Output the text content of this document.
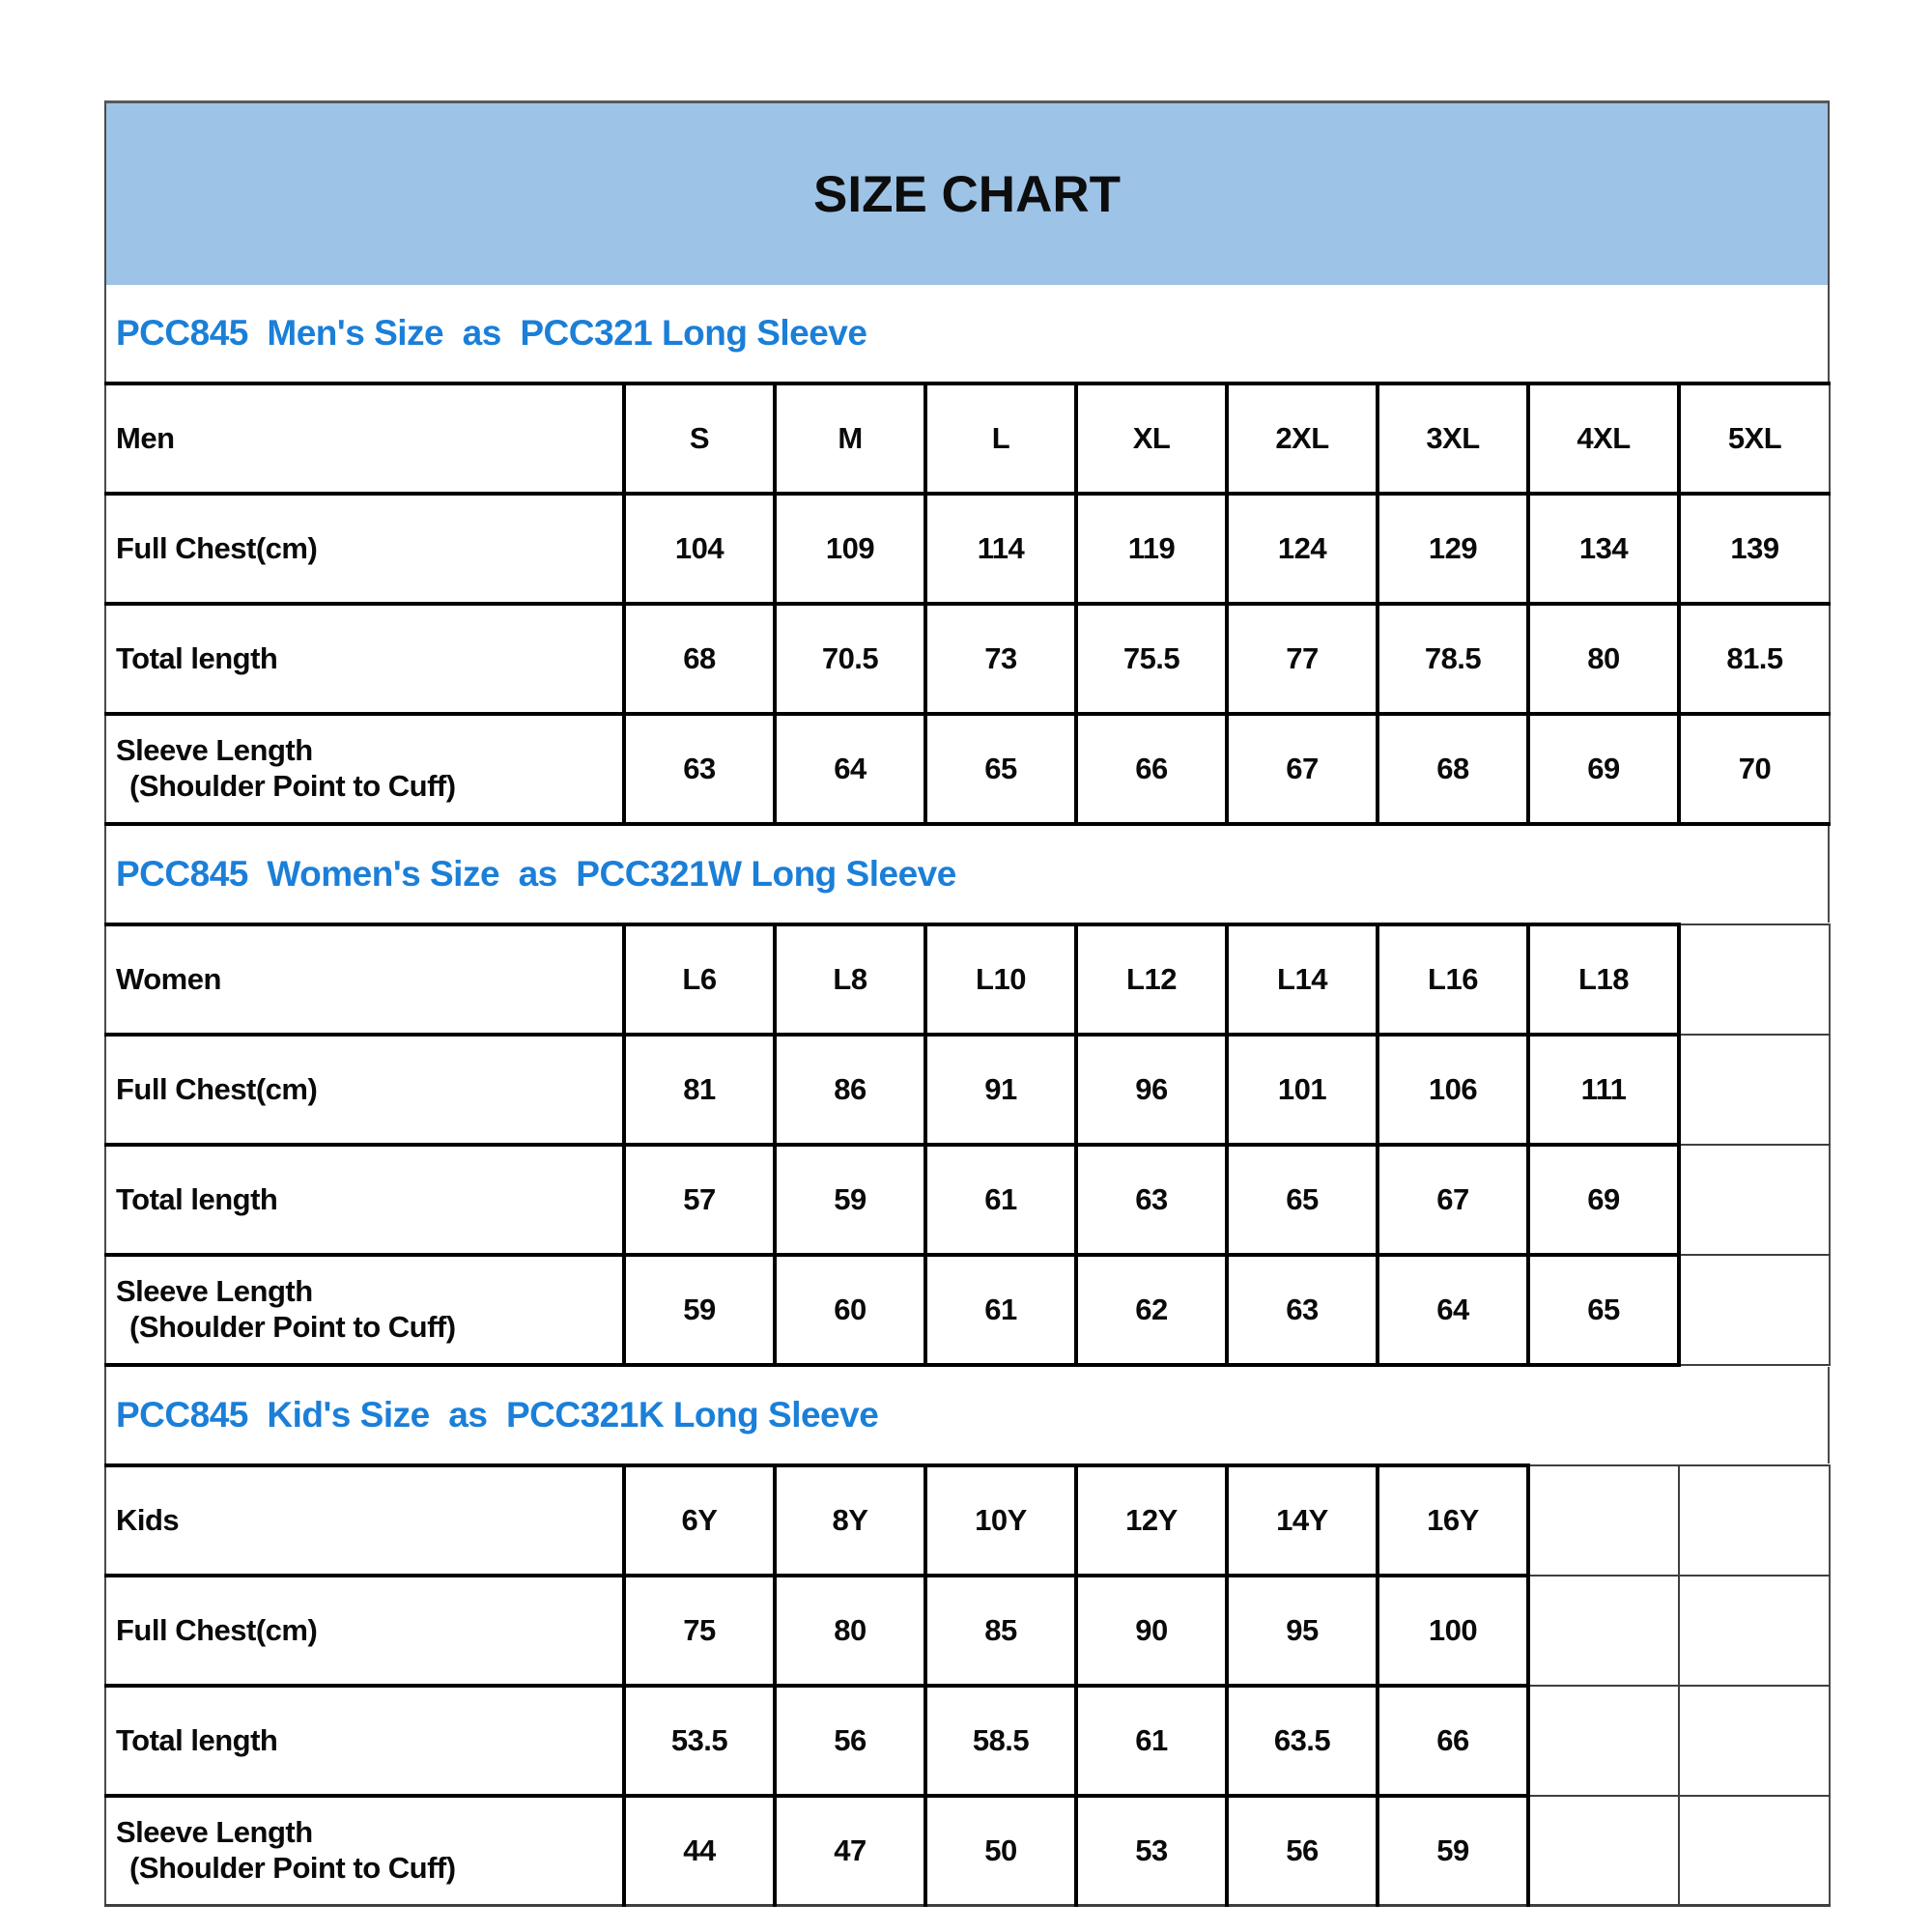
SIZE CHART
PCC845  Men's Size  as  PCC321 Long Sleeve
Men	S	M	L	XL	2XL	3XL	4XL	5XL
Full Chest(cm)	104	109	114	119	124	129	134	139
Total length	68	70.5	73	75.5	77	78.5	80	81.5
Sleeve Length
(Shoulder Point to Cuff)	63	64	65	66	67	68	69	70
PCC845  Women's Size  as  PCC321W Long Sleeve
Women	L6	L8	L10	L12	L14	L16	L18	
Full Chest(cm)	81	86	91	96	101	106	111	
Total length	57	59	61	63	65	67	69	
Sleeve Length
(Shoulder Point to Cuff)	59	60	61	62	63	64	65	
PCC845  Kid's Size  as  PCC321K Long Sleeve
Kids	6Y	8Y	10Y	12Y	14Y	16Y		
Full Chest(cm)	75	80	85	90	95	100		
Total length	53.5	56	58.5	61	63.5	66		
Sleeve Length
(Shoulder Point to Cuff)	44	47	50	53	56	59		
